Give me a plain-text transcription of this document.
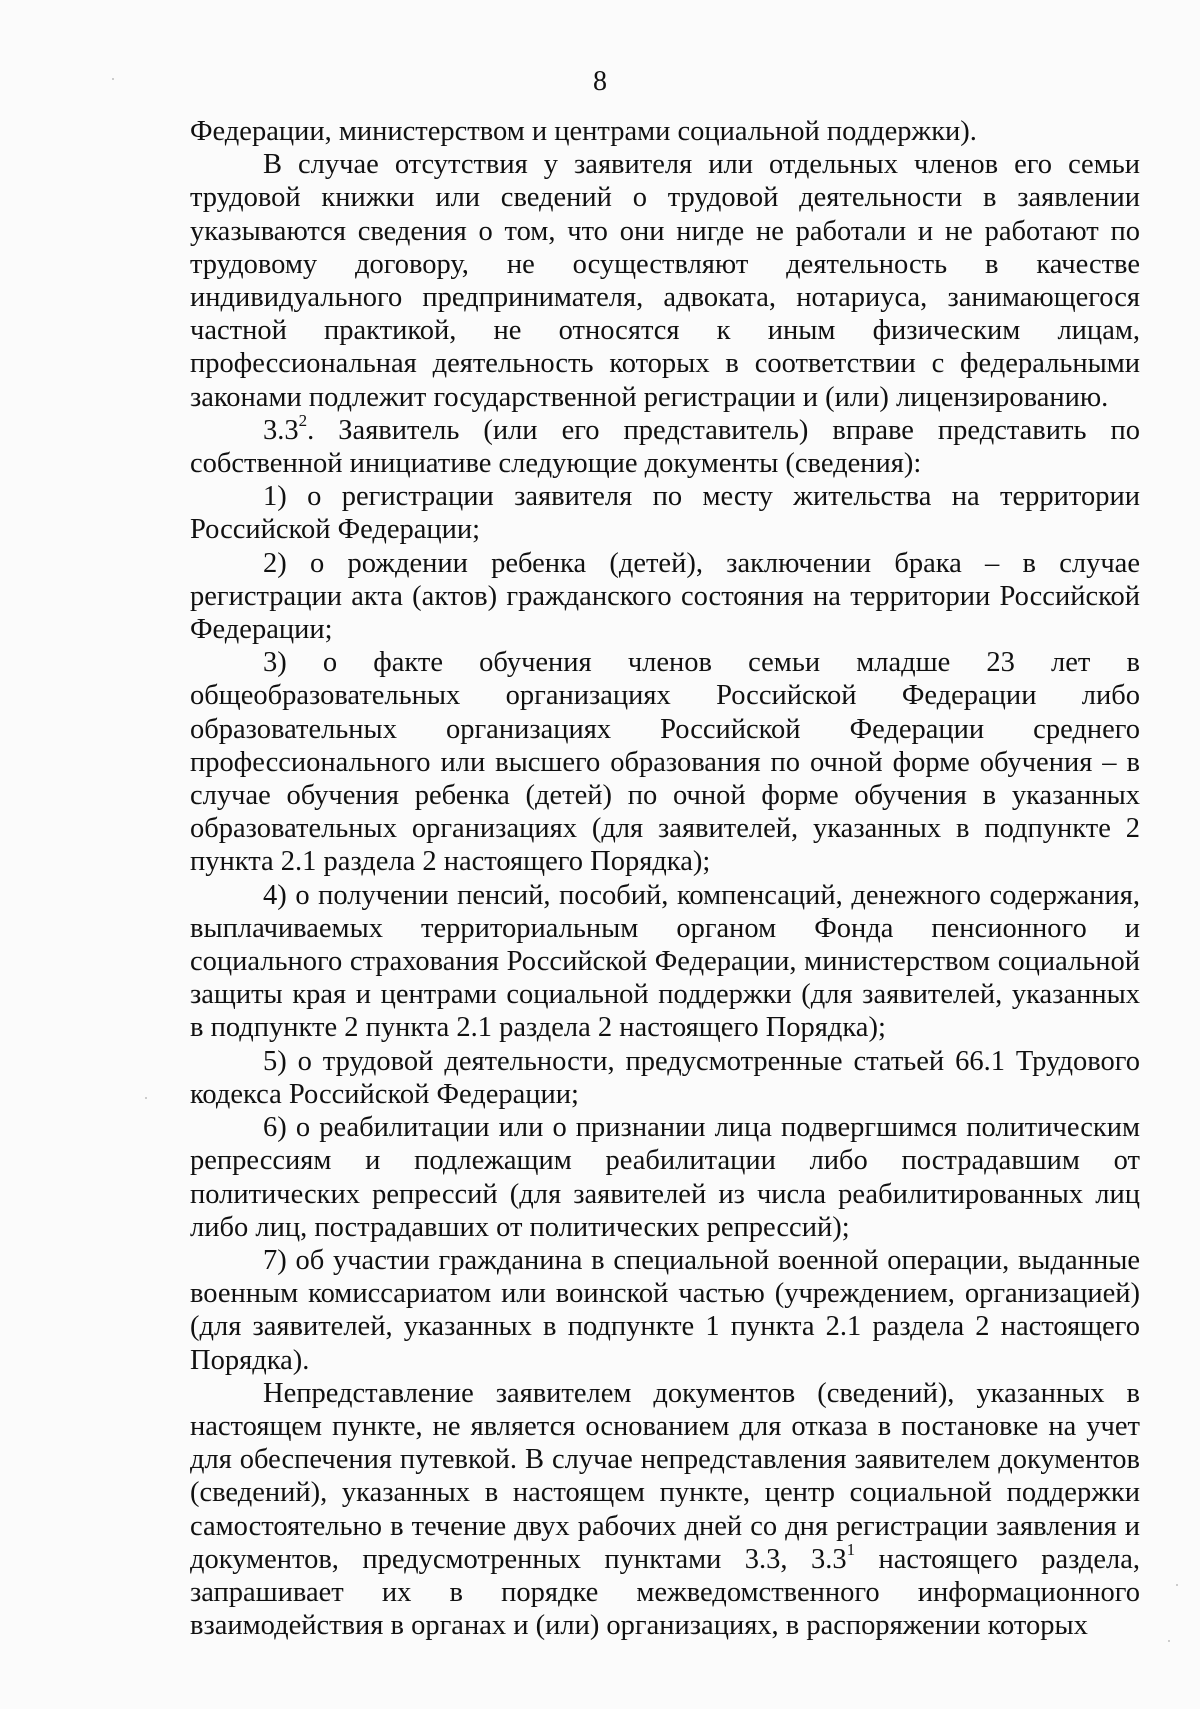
8

Федерации, министерством и центрами социальной поддержки).

В случае отсутствия у заявителя или отдельных членов его семьи трудовой книжки или сведений о трудовой деятельности в заявлении указываются сведения о том, что они нигде не работали и не работают по трудовому договору, не осуществляют деятельность в качестве индивидуального предпринимателя, адвоката, нотариуса, занимающегося частной практикой, не относятся к иным физическим лицам, профессиональная деятельность которых в соответствии с федеральными законами подлежит государственной регистрации и (или) лицензированию.

$3.3^2$. Заявитель (или его представитель) вправе представить по собственной инициативе следующие документы (сведения):

1) о регистрации заявителя по месту жительства на территории Российской Федерации;

2) о рождении ребенка (детей), заключении брака – в случае регистрации акта (актов) гражданского состояния на территории Российской Федерации;

3) о факте обучения членов семьи младше 23 лет в общеобразовательных организациях Российской Федерации либо образовательных организациях Российской Федерации среднего профессионального или высшего образования по очной форме обучения – в случае обучения ребенка (детей) по очной форме обучения в указанных образовательных организациях (для заявителей, указанных в подпункте 2 пункта 2.1 раздела 2 настоящего Порядка);

4) о получении пенсий, пособий, компенсаций, денежного содержания, выплачиваемых территориальным органом Фонда пенсионного и социального страхования Российской Федерации, министерством социальной защиты края и центрами социальной поддержки (для заявителей, указанных в подпункте 2 пункта 2.1 раздела 2 настоящего Порядка);

5) о трудовой деятельности, предусмотренные статьей 66.1 Трудового кодекса Российской Федерации;

6) о реабилитации или о признании лица подвергшимся политическим репрессиям и подлежащим реабилитации либо пострадавшим от политических репрессий (для заявителей из числа реабилитированных лиц либо лиц, пострадавших от политических репрессий);

7) об участии гражданина в специальной военной операции, выданные военным комиссариатом или воинской частью (учреждением, организацией) (для заявителей, указанных в подпункте 1 пункта 2.1 раздела 2 настоящего Порядка).

Непредставление заявителем документов (сведений), указанных в настоящем пункте, не является основанием для отказа в постановке на учет для обеспечения путевкой. В случае непредставления заявителем документов (сведений), указанных в настоящем пункте, центр социальной поддержки самостоятельно в течение двух рабочих дней со дня регистрации заявления и документов, предусмотренных пунктами 3.3, $3.3^1$ настоящего раздела, запрашивает их в порядке межведомственного информационного взаимодействия в органах и (или) организациях, в распоряжении которых
